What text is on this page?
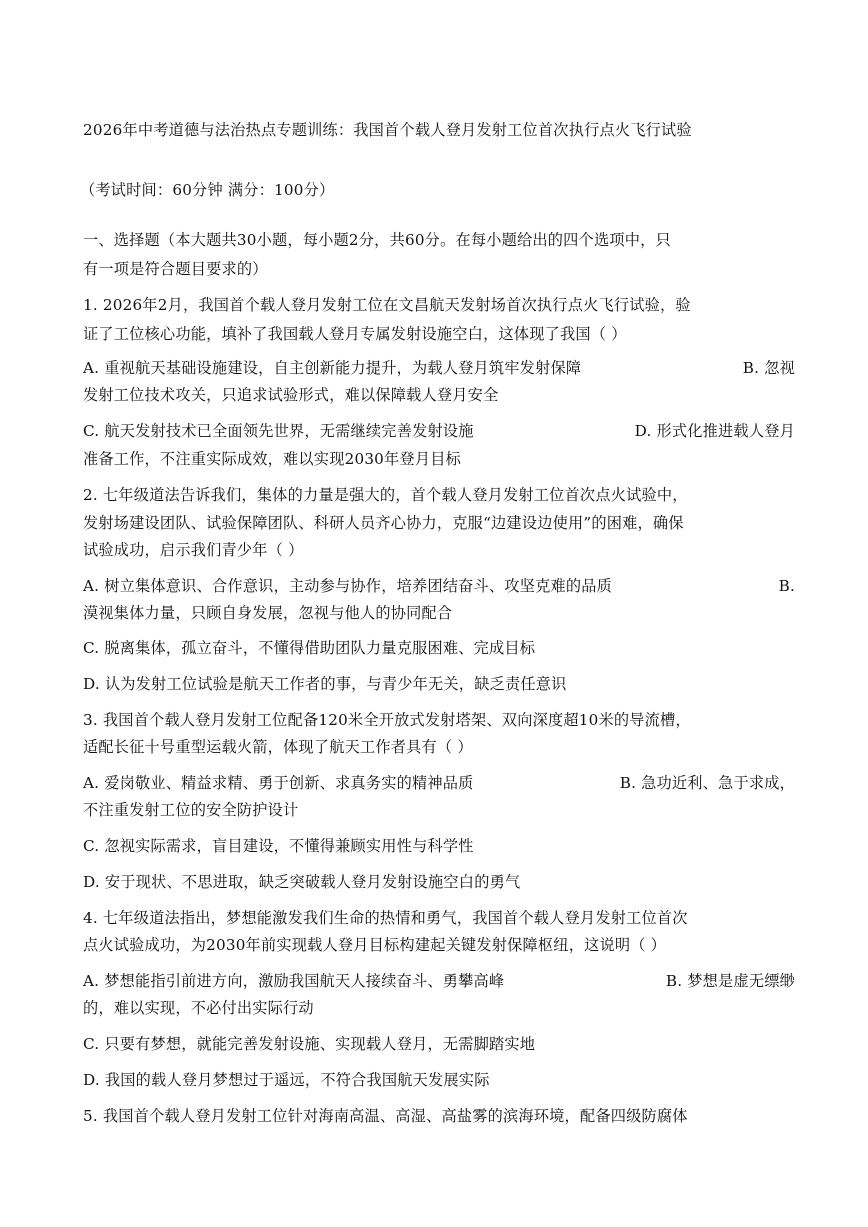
2026年中考道德与法治热点专题训练：我国首个载人登月发射工位首次执行点火飞行试验
（考试时间：60分钟 满分：100分）
一、选择题（本大题共30小题，每小题2分，共60分。在每小题给出的四个选项中，只
有一项是符合题目要求的）
1. 2026年2月，我国首个载人登月发射工位在文昌航天发射场首次执行点火飞行试验，验
证了工位核心功能，填补了我国载人登月专属发射设施空白，这体现了我国（ ）
A. 重视航天基础设施建设，自主创新能力提升，为载人登月筑牢发射保障	B. 忽视
发射工位技术攻关，只追求试验形式，难以保障载人登月安全
C. 航天发射技术已全面领先世界，无需继续完善发射设施	D. 形式化推进载人登月
准备工作，不注重实际成效，难以实现2030年登月目标
2. 七年级道法告诉我们，集体的力量是强大的，首个载人登月发射工位首次点火试验中，
发射场建设团队、试验保障团队、科研人员齐心协力，克服“边建设边使用”的困难，确保
试验成功，启示我们青少年（ ）
A. 树立集体意识、合作意识，主动参与协作，培养团结奋斗、攻坚克难的品质	B.
漠视集体力量，只顾自身发展，忽视与他人的协同配合
C. 脱离集体，孤立奋斗，不懂得借助团队力量克服困难、完成目标
D. 认为发射工位试验是航天工作者的事，与青少年无关，缺乏责任意识
3. 我国首个载人登月发射工位配备120米全开放式发射塔架、双向深度超10米的导流槽，
适配长征十号重型运载火箭，体现了航天工作者具有（ ）
A. 爱岗敬业、精益求精、勇于创新、求真务实的精神品质	B. 急功近利、急于求成，
不注重发射工位的安全防护设计
C. 忽视实际需求，盲目建设，不懂得兼顾实用性与科学性
D. 安于现状、不思进取，缺乏突破载人登月发射设施空白的勇气
4. 七年级道法指出，梦想能激发我们生命的热情和勇气，我国首个载人登月发射工位首次
点火试验成功，为2030年前实现载人登月目标构建起关键发射保障枢纽，这说明（ ）
A. 梦想能指引前进方向，激励我国航天人接续奋斗、勇攀高峰	B. 梦想是虚无缥缈
的，难以实现，不必付出实际行动
C. 只要有梦想，就能完善发射设施、实现载人登月，无需脚踏实地
D. 我国的载人登月梦想过于遥远，不符合我国航天发展实际
5. 我国首个载人登月发射工位针对海南高温、高湿、高盐雾的滨海环境，配备四级防腐体
